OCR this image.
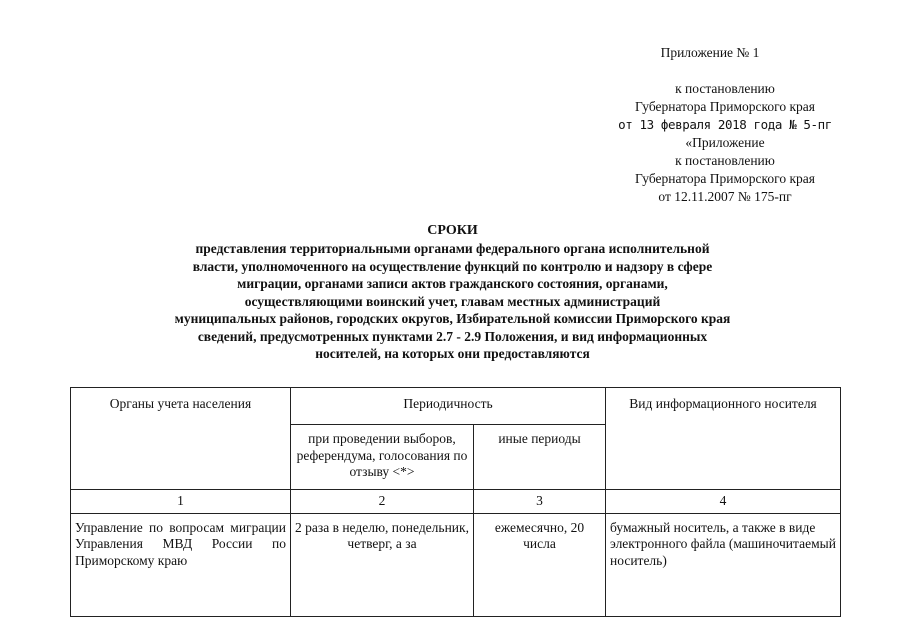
Приложение № 1
к постановлению
Губернатора Приморского края
от 13 февраля 2018 года № 5-пг
«Приложение
к постановлению
Губернатора Приморского края
от 12.11.2007 № 175-пг
СРОКИ
представления территориальными органами федерального органа исполнительной
власти, уполномоченного на осуществление функций по контролю и надзору в сфере
миграции, органами записи актов гражданского состояния, органами,
осуществляющими воинский учет, главам местных администраций
муниципальных районов, городских округов, Избирательной комиссии Приморского края
сведений, предусмотренных пунктами 2.7 - 2.9 Положения, и вид информационных
носителей, на которых они предоставляются
Органы учета населения	Периодичность		Вид информационного носителя
	при проведении выборов, референдума, голосования по отзыву <*>	иные периоды	
1	2	3	4
Управление по вопросам миграции Управления МВД России по Приморскому краю	2 раза в неделю, понедельник, четверг, а за	ежемесячно, 20 числа	бумажный носитель, а также в виде электронного файла (машиночитаемый носитель)
